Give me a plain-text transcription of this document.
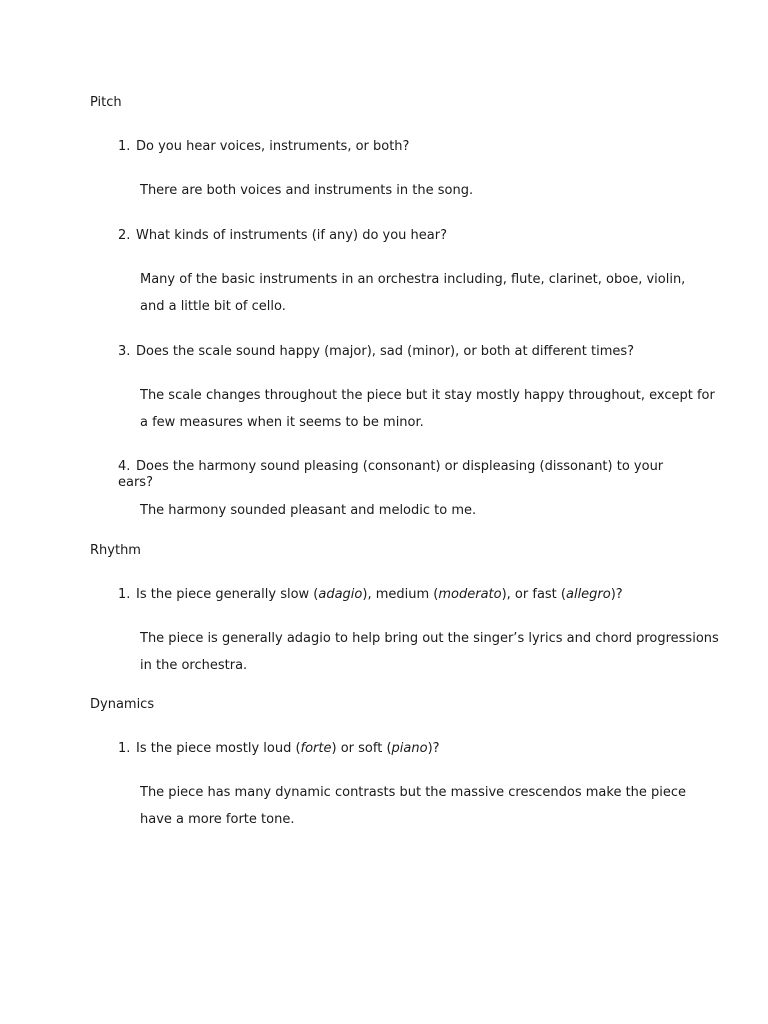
Pitch
1. Do you hear voices, instruments, or both?
There are both voices and instruments in the song.
2. What kinds of instruments (if any) do you hear?
Many of the basic instruments in an orchestra including, flute, clarinet, oboe, violin,
and a little bit of cello.
3. Does the scale sound happy (major), sad (minor), or both at different times?
The scale changes throughout the piece but it stay mostly happy throughout, except for
a few measures when it seems to be minor.
4. Does the harmony sound pleasing (consonant) or displeasing (dissonant) to your ears?
The harmony sounded pleasant and melodic to me.
Rhythm
1. Is the piece generally slow (adagio), medium (moderato), or fast (allegro)?
The piece is generally adagio to help bring out the singer’s lyrics and chord progressions
in the orchestra.
Dynamics
1. Is the piece mostly loud (forte) or soft (piano)?
The piece has many dynamic contrasts but the massive crescendos make the piece
have a more forte tone.
